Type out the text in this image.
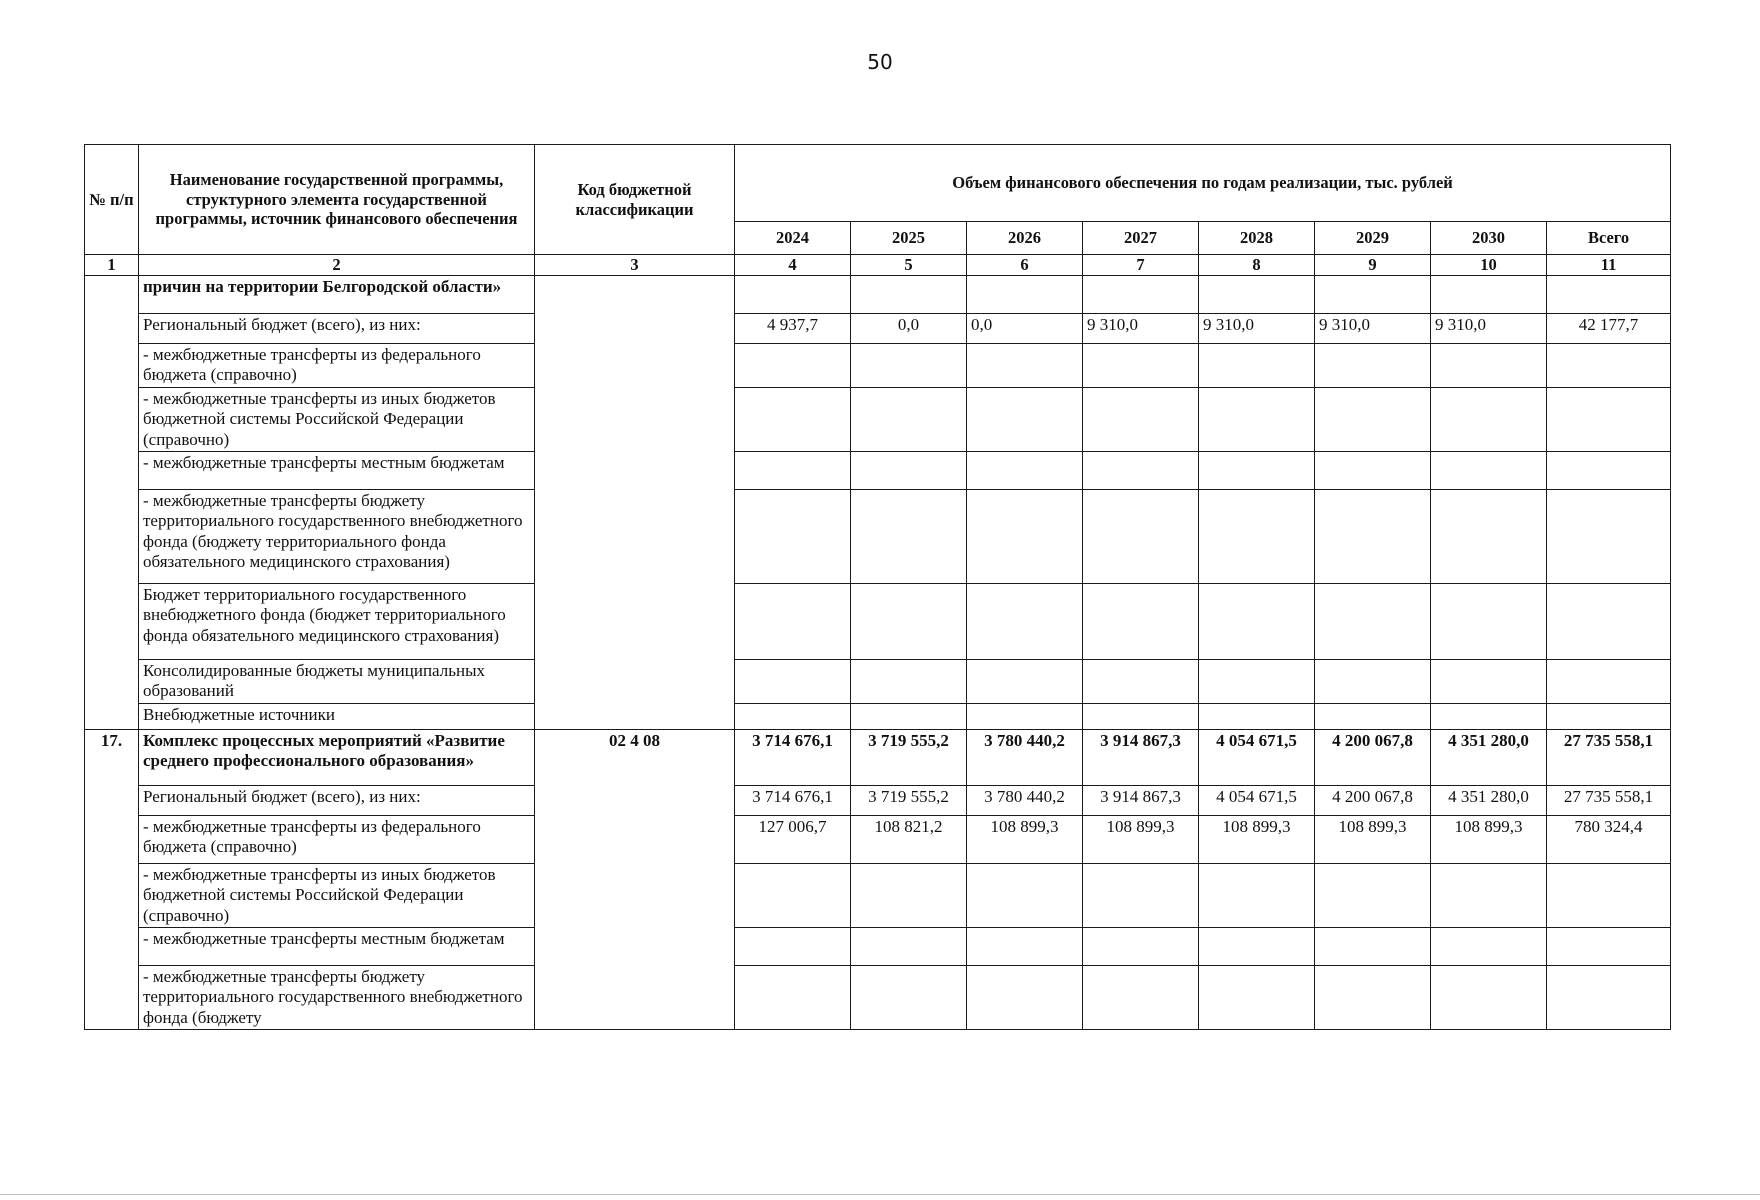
50
№ п/п	Наименование государственной программы, структурного элемента государственной программы, источник финансового обеспечения	Код бюджетной классификации	Объем финансового обеспечения по годам реализации, тыс. рублей							
			2024	2025	2026	2027	2028	2029	2030	Всего
1	2	3	4	5	6	7	8	9	10	11
	причин на территории Белгородской области»									
	Региональный бюджет (всего), из них:		4 937,7	0,0	0,0	9 310,0	9 310,0	9 310,0	9 310,0	42 177,7
	- межбюджетные трансферты из федерального бюджета (справочно)									
	- межбюджетные трансферты из иных бюджетов бюджетной системы Российской Федерации (справочно)									
	- межбюджетные трансферты местным бюджетам									
	- межбюджетные трансферты бюджету территориального государственного внебюджетного фонда (бюджету территориального фонда обязательного медицинского страхования)									
	Бюджет территориального государственного внебюджетного фонда (бюджет территориального фонда обязательного медицинского страхования)									
	Консолидированные бюджеты муниципальных образований									
	Внебюджетные источники									
17.	Комплекс процессных мероприятий «Развитие среднего профессионального образования»	02 4 08	3 714 676,1	3 719 555,2	3 780 440,2	3 914 867,3	4 054 671,5	4 200 067,8	4 351 280,0	27 735 558,1
	Региональный бюджет (всего), из них:		3 714 676,1	3 719 555,2	3 780 440,2	3 914 867,3	4 054 671,5	4 200 067,8	4 351 280,0	27 735 558,1
	- межбюджетные трансферты из федерального бюджета (справочно)		127 006,7	108 821,2	108 899,3	108 899,3	108 899,3	108 899,3	108 899,3	780 324,4
	- межбюджетные трансферты из иных бюджетов бюджетной системы Российской Федерации (справочно)									
	- межбюджетные трансферты местным бюджетам									
	- межбюджетные трансферты бюджету территориального государственного внебюджетного фонда (бюджету									
